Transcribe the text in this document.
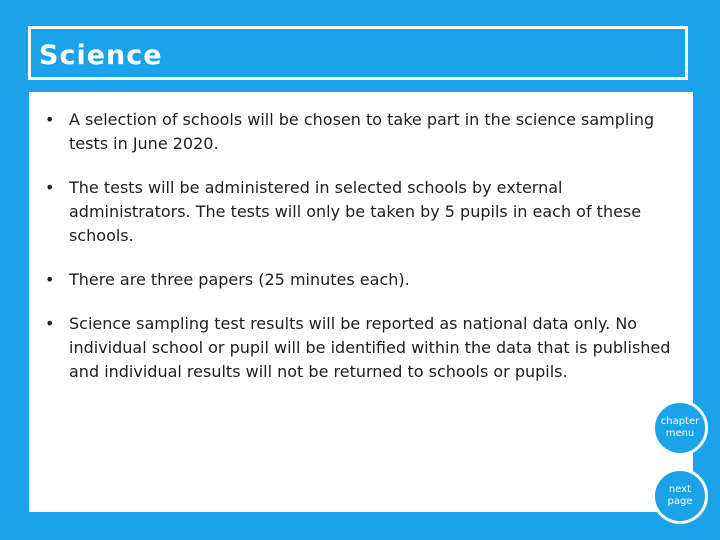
Science
• A selection of schools will be chosen to take part in the science sampling tests in June 2020.
• The tests will be administered in selected schools by external administrators. The tests will only be taken by 5 pupils in each of these schools.
• There are three papers (25 minutes each).
• Science sampling test results will be reported as national data only. No individual school or pupil will be identified within the data that is published and individual results will not be returned to schools or pupils.
chapter menu
next page
